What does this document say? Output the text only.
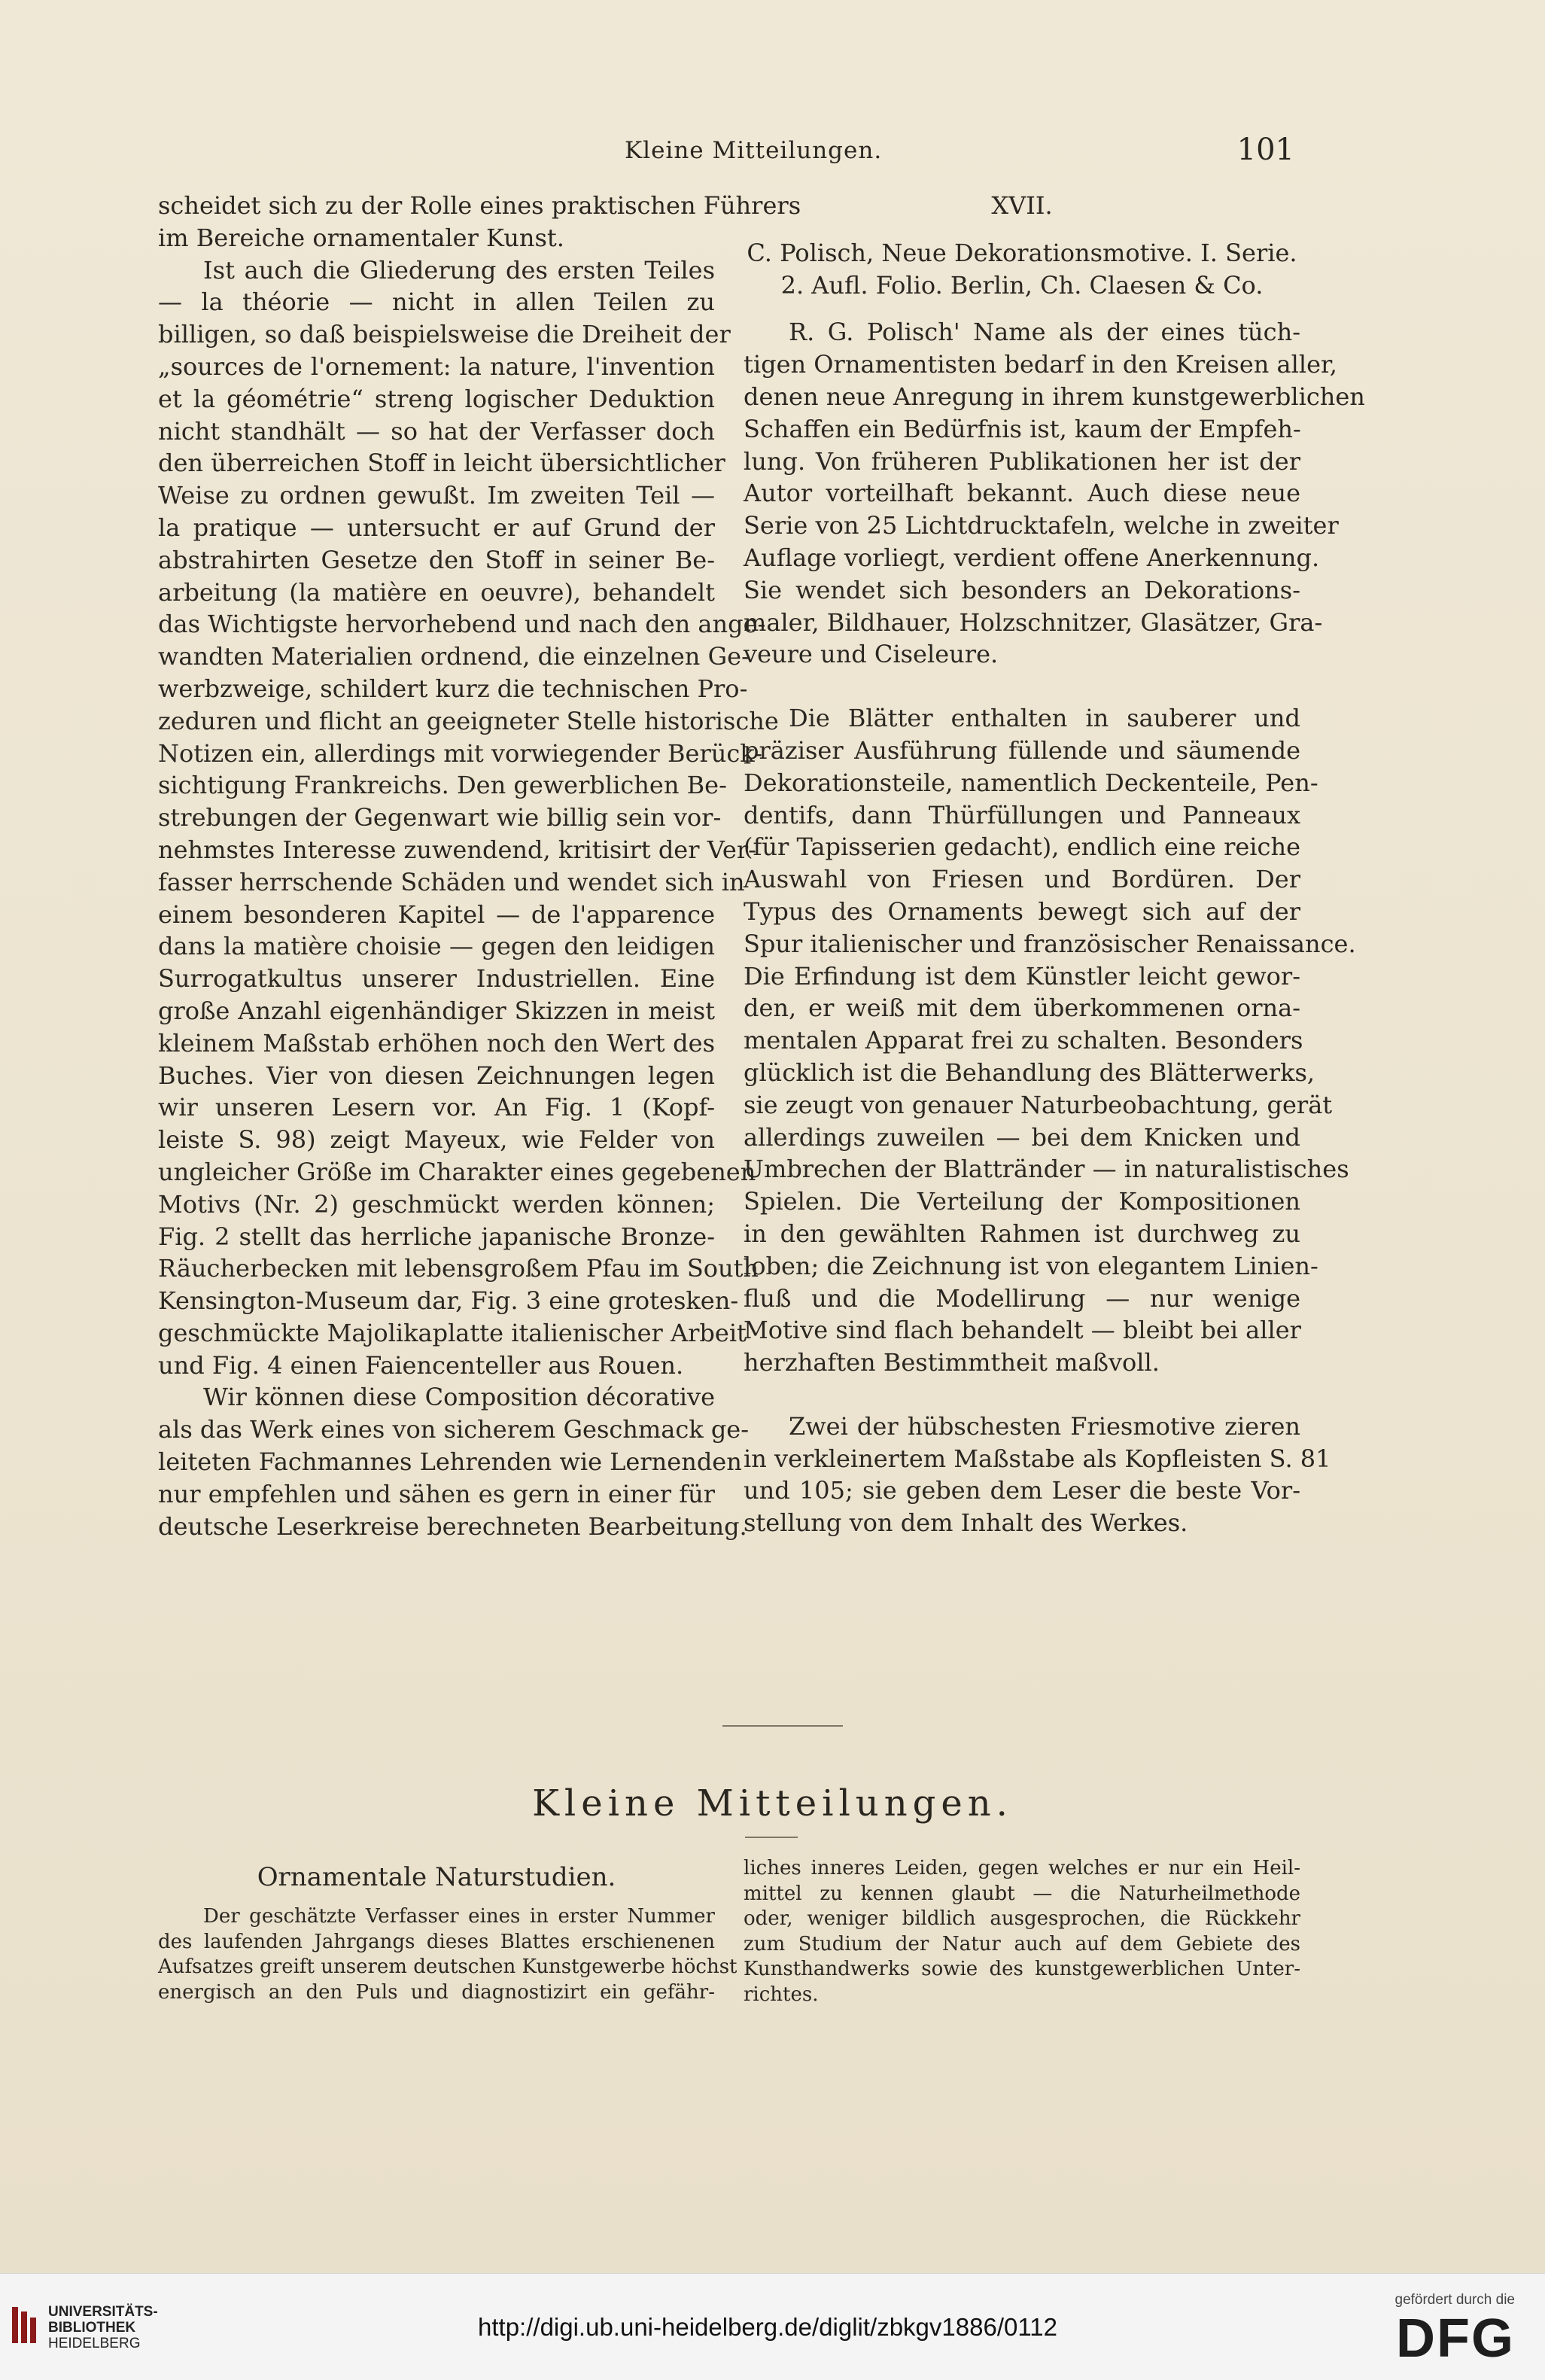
Kleine Mitteilungen.	101
scheidet sich zu der Rolle eines praktischen Führers
im Bereiche ornamentaler Kunst.
Ist auch die Gliederung des ersten Teiles
— la théorie — nicht in allen Teilen zu
billigen, so daß beispielsweise die Dreiheit der
„sources de l'ornement: la nature, l'invention
et la géométrie“ streng logischer Deduktion
nicht standhält — so hat der Verfasser doch
den überreichen Stoff in leicht übersichtlicher
Weise zu ordnen gewußt. Im zweiten Teil —
la pratique — untersucht er auf Grund der
abstrahirten Gesetze den Stoff in seiner Be-
arbeitung (la matière en oeuvre), behandelt
das Wichtigste hervorhebend und nach den ange-
wandten Materialien ordnend, die einzelnen Ge-
werbzweige, schildert kurz die technischen Pro-
zeduren und flicht an geeigneter Stelle historische
Notizen ein, allerdings mit vorwiegender Berück-
sichtigung Frankreichs. Den gewerblichen Be-
strebungen der Gegenwart wie billig sein vor-
nehmstes Interesse zuwendend, kritisirt der Ver-
fasser herrschende Schäden und wendet sich in
einem besonderen Kapitel — de l'apparence
dans la matière choisie — gegen den leidigen
Surrogatkultus unserer Industriellen. Eine
große Anzahl eigenhändiger Skizzen in meist
kleinem Maßstab erhöhen noch den Wert des
Buches. Vier von diesen Zeichnungen legen
wir unseren Lesern vor. An Fig. 1 (Kopf-
leiste S. 98) zeigt Mayeux, wie Felder von
ungleicher Größe im Charakter eines gegebenen
Motivs (Nr. 2) geschmückt werden können;
Fig. 2 stellt das herrliche japanische Bronze-
Räucherbecken mit lebensgroßem Pfau im South
Kensington-Museum dar, Fig. 3 eine grotesken-
geschmückte Majolikaplatte italienischer Arbeit
und Fig. 4 einen Faiencenteller aus Rouen.
Wir können diese Composition décorative
als das Werk eines von sicherem Geschmack ge-
leiteten Fachmannes Lehrenden wie Lernenden
nur empfehlen und sähen es gern in einer für
deutsche Leserkreise berechneten Bearbeitung.
XVII.
C. Polisch, Neue Dekorationsmotive. I. Serie.
2. Aufl. Folio. Berlin, Ch. Claesen & Co.
R. G. Polisch' Name als der eines tüch-
tigen Ornamentisten bedarf in den Kreisen aller,
denen neue Anregung in ihrem kunstgewerblichen
Schaffen ein Bedürfnis ist, kaum der Empfeh-
lung. Von früheren Publikationen her ist der
Autor vorteilhaft bekannt. Auch diese neue
Serie von 25 Lichtdrucktafeln, welche in zweiter
Auflage vorliegt, verdient offene Anerkennung.
Sie wendet sich besonders an Dekorations-
maler, Bildhauer, Holzschnitzer, Glasätzer, Gra-
veure und Ciseleure.
Die Blätter enthalten in sauberer und
präziser Ausführung füllende und säumende
Dekorationsteile, namentlich Deckenteile, Pen-
dentifs, dann Thürfüllungen und Panneaux
(für Tapisserien gedacht), endlich eine reiche
Auswahl von Friesen und Bordüren. Der
Typus des Ornaments bewegt sich auf der
Spur italienischer und französischer Renaissance.
Die Erfindung ist dem Künstler leicht gewor-
den, er weiß mit dem überkommenen orna-
mentalen Apparat frei zu schalten. Besonders
glücklich ist die Behandlung des Blätterwerks,
sie zeugt von genauer Naturbeobachtung, gerät
allerdings zuweilen — bei dem Knicken und
Umbrechen der Blattränder — in naturalistisches
Spielen. Die Verteilung der Kompositionen
in den gewählten Rahmen ist durchweg zu
loben; die Zeichnung ist von elegantem Linien-
fluß und die Modellirung — nur wenige
Motive sind flach behandelt — bleibt bei aller
herzhaften Bestimmtheit maßvoll.
Zwei der hübschesten Friesmotive zieren
in verkleinertem Maßstabe als Kopfleisten S. 81
und 105; sie geben dem Leser die beste Vor-
stellung von dem Inhalt des Werkes.
Kleine Mitteilungen.
Ornamentale Naturstudien.
Der geschätzte Verfasser eines in erster Nummer
des laufenden Jahrgangs dieses Blattes erschienenen
Aufsatzes greift unserem deutschen Kunstgewerbe höchst
energisch an den Puls und diagnostizirt ein gefähr-
liches inneres Leiden, gegen welches er nur ein Heil-
mittel zu kennen glaubt — die Naturheilmethode
oder, weniger bildlich ausgesprochen, die Rückkehr
zum Studium der Natur auch auf dem Gebiete des
Kunsthandwerks sowie des kunstgewerblichen Unter-
richtes.
UNIVERSITÄTS-
BIBLIOTHEK
HEIDELBERG
http://digi.ub.uni-heidelberg.de/diglit/zbkgv1886/0112
gefördert durch die
DFG
